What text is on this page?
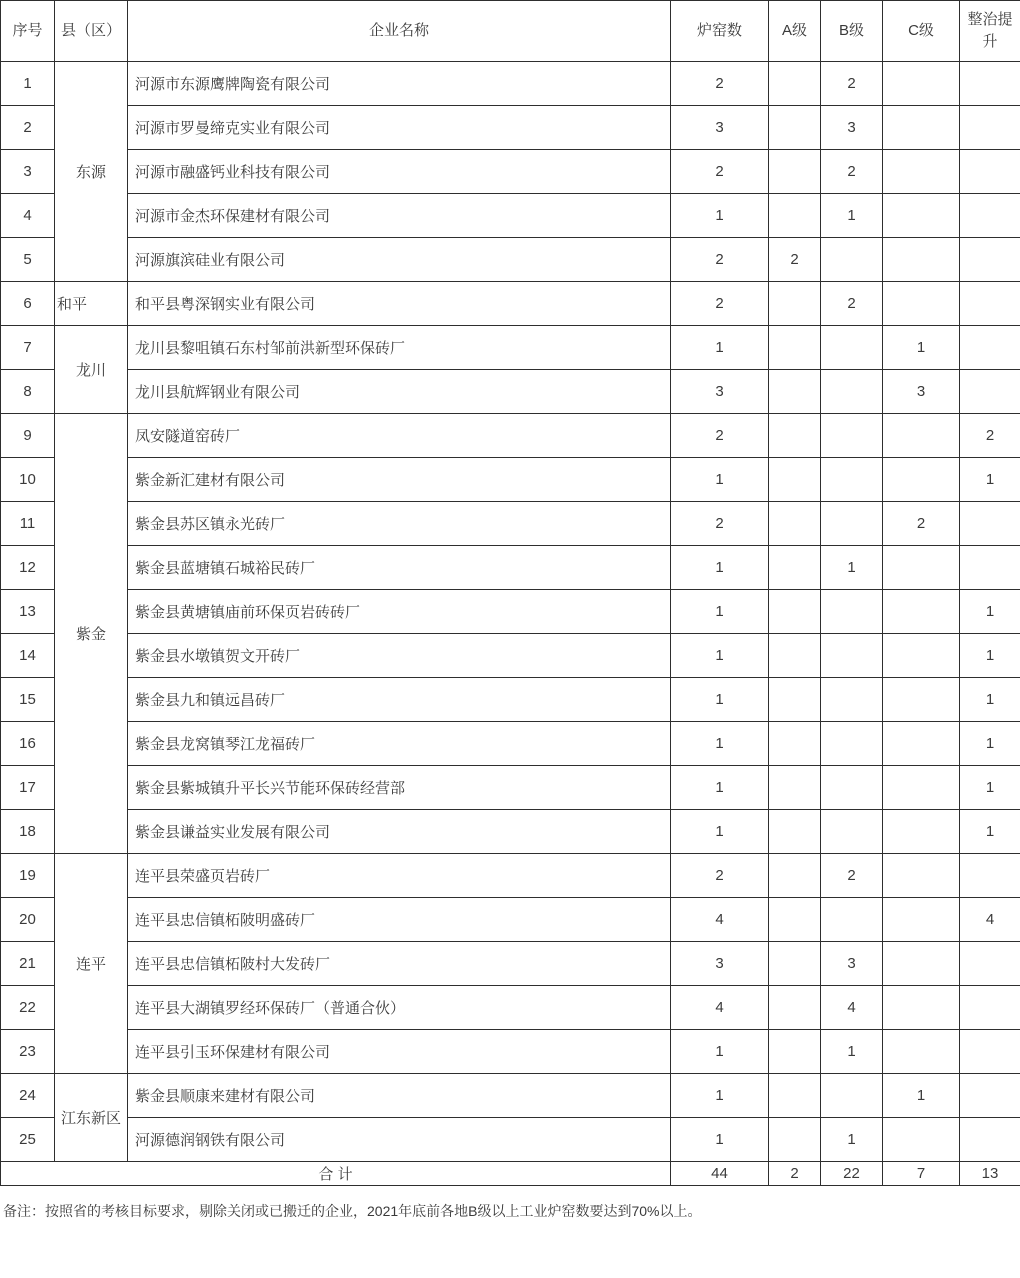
序号	县（区）	企业名称	炉窑数	A级	B级	C级	整治提升
1	东源	河源市东源鹰牌陶瓷有限公司	2		2		
2		河源市罗曼缔克实业有限公司	3		3		
3		河源市融盛钙业科技有限公司	2		2		
4		河源市金杰环保建材有限公司	1		1		
5		河源旗滨硅业有限公司	2	2			
6	和平	和平县粤深钢实业有限公司	2		2		
7	龙川	龙川县黎咀镇石东村邹前洪新型环保砖厂	1			1	
8		龙川县航辉钢业有限公司	3			3	
9	紫金	凤安隧道窑砖厂	2				2
10		紫金新汇建材有限公司	1				1
11		紫金县苏区镇永光砖厂	2			2	
12		紫金县蓝塘镇石城裕民砖厂	1		1		
13		紫金县黄塘镇庙前环保页岩砖砖厂	1				1
14		紫金县水墩镇贺文开砖厂	1				1
15		紫金县九和镇远昌砖厂	1				1
16		紫金县龙窝镇琴江龙福砖厂	1				1
17		紫金县紫城镇升平长兴节能环保砖经营部	1				1
18		紫金县谦益实业发展有限公司	1				1
19	连平	连平县荣盛页岩砖厂	2		2		
20		连平县忠信镇柘陂明盛砖厂	4				4
21		连平县忠信镇柘陂村大发砖厂	3		3		
22		连平县大湖镇罗经环保砖厂（普通合伙）	4		4		
23		连平县引玉环保建材有限公司	1		1		
24	江东新区	紫金县顺康来建材有限公司	1			1	
25		河源德润钢铁有限公司	1		1		
合 计			44	2	22	7	13
备注：按照省的考核目标要求，剔除关闭或已搬迁的企业，2021年底前各地B级以上工业炉窑数要达到70%以上。
